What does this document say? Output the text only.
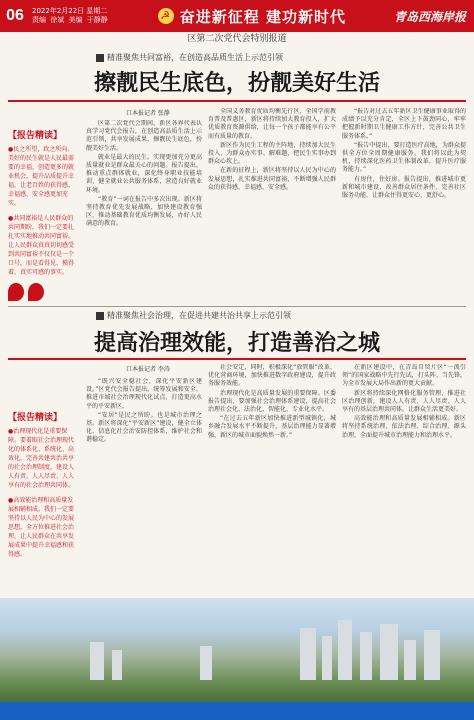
06	2022年2月22日 星期二
责编 徐斌 美编 于静静	☭ 奋进新征程 建功新时代	青岛西海岸报
区第二次党代会特别报道
精准聚焦共同富裕，在创造高品质生活上示范引领
擦靓民生底色，扮靓美好生活
【报告精读】
●民之所望，政之所向。美好的民生就是人民最需要的幸福，创造更多的就业机会，提升品质提升幸福，让老百姓的获得感、幸福感、安全感更加充实。
●共同富裕是人民群众的共同期盼。我们一定要扎扎实实地推动共同富裕，让人民群众真真切切感受到共同富裕不仅仅是一个口号，而是看得见、摸得着、真实可感的事实。
口本报记者 张静

区第二次党代会期间，新区各界代表认真学习党代会报告，在创造高品质生活上示范引领，共享发展成果，擦靓民生底色，扮靓美好生活。

就业是最大的民生。实现更加充分更高质量就业是群众最关心的问题。报告提出，推动重点群体就业，深化终身职业技能培训，健全就业公共服务体系，营造良好就业环境。

“教育”一词在报告中多次出现。新区将坚持教育优先发展战略，加快建设教育强区，推动基础教育优质均衡发展，办好人民满意的教育。

全国义务教育优质均衡先行区，全国学前教育普及普惠区，新区将持续加大教育投入，扩大优质教育资源供给，让每一个孩子都能享有公平而有质量的教育。

新区作为民生工程的主阵地，持续加大民生投入，为群众办实事、解难题，把民生实事办到群众心坎上。

在新的征程上，新区将坚持以人民为中心的发展思想，扎实推进共同富裕，不断增强人民群众的获得感、幸福感、安全感。

“报告对过去五年新区卫生健康事业取得的成绩予以充分肯定，全区上下鼓劲同心，牢牢把握新时期卫生健康工作方针，完善公共卫生服务体系。”

“报告中提出，要打造医疗高地，为群众提供全方位全周期健康服务。我们将以此为契机，持续深化医药卫生体制改革，提升医疗服务能力。”

有房住，住好房。报告提出，推进城市更新和城市建设，改善群众居住条件，完善社区服务功能，让群众住得更安心、更舒心。

精准聚焦社会治理，在促进共建共治共享上示范引领
提高治理效能，打造善治之城
【报告精读】
●治理现代化是重要保障。要着眼社会治理现代化的体系化、系统化、高效化，完善共建共治共享的社会治理制度，建设人人有责、人人尽责、人人享有的社会治理共同体。
●高效能治理和高质量发展相辅相成。我们一定要坚持以人民为中心的发展思想，全方位推进社会治理，让人民群众在共享发展成果中提升幸福感和获得感。
口本报记者 李涛

“既兴安全稳社会，深化平安新区建设。”区党代会报告提出，统筹发展和安全，推进市域社会治理现代化试点，打造更高水平的平安新区。

“安居”是民之所盼。也是城市治理之基。新区将深化“平安新区”建设，健全立体化、信息化社会治安防控体系，维护社会和谐稳定。

社会安定，同时，积极深化“放管服”改革，优化营商环境，加快推进数字政府建设，提升政务服务效能。

治理现代化是高质量发展的重要保障。区委报告提出，要加强社会治理体系建设，提高社会治理社会化、法治化、智能化、专业化水平。

“在过去五年新区加快推进新型城镇化，城乡融合发展水平不断提升，基层治理能力显著增强，新区的城市面貌焕然一新。”

在新区建设中，在青岛自贸片区“一流引领”的国家战略中先行先试，打头阵、当先锋，为全市发展大局作出新的更大贡献。

新区将持续深化网格化服务管理，推进社区治理创新，建设人人有责、人人尽责、人人享有的基层治理共同体，让群众生活更美好。

高效能治理和高质量发展相辅相成。新区将坚持系统治理、依法治理、综合治理、源头治理，全面提升城市治理能力和治理水平。
